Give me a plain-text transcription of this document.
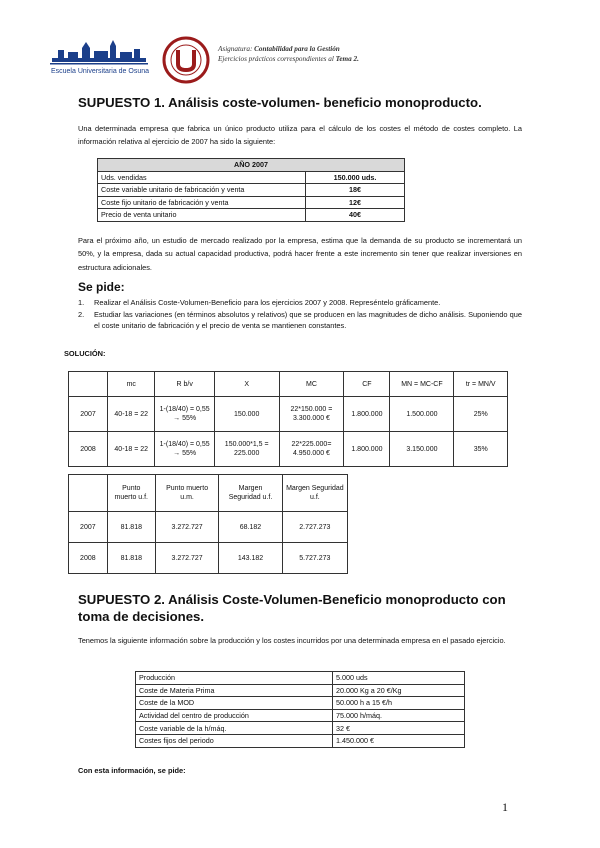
Escuela Universitaria de Osuna
Asignatura: Contabilidad para la Gestión
Ejercicios prácticos correspondientes al Tema 2.
SUPUESTO 1. Análisis coste-volumen- beneficio monoproducto.
Una determinada empresa que fabrica un único producto utiliza para el cálculo de los costes el método de costes completo. La información relativa al ejercicio de 2007 ha sido la siguiente:
AÑO 2007	
Uds. vendidas	150.000 uds.
Coste variable unitario de fabricación y venta	18€
Coste fijo unitario de fabricación y venta	12€
Precio de venta unitario	40€
Para el próximo año, un estudio de mercado realizado por la empresa, estima que la demanda de su producto se incrementará un 50%, y la empresa, dada su actual capacidad productiva, podrá hacer frente a este incremento sin tener que realizar inversiones en estructura adicionales.
Se pide:
1. Realizar el Análisis Coste-Volumen-Beneficio para los ejercicios 2007 y 2008. Represéntelo gráficamente.
2.	Estudiar las variaciones (en términos absolutos y relativos) que se producen en las magnitudes de dicho análisis. Suponiendo que el coste unitario de fabricación y el precio de venta se mantienen constantes.
SOLUCIÓN:
	mc	R b/v	X	MC	CF	MN = MC-CF	tr = MN/V
2007	40-18 = 22	1-(18/40) = 0,55 → 55%	150.000	22*150.000 = 3.300.000 €	1.800.000	1.500.000	25%
2008	40-18 = 22	1-(18/40) = 0,55 → 55%	150.000*1,5 = 225.000	22*225.000= 4.950.000 €	1.800.000	3.150.000	35%
	Punto muerto u.f.	Punto muerto u.m.	Margen Seguridad u.f.	Margen Seguridad u.f.
2007	81.818	3.272.727	68.182	2.727.273
2008	81.818	3.272.727	143.182	5.727.273
SUPUESTO 2. Análisis Coste-Volumen-Beneficio monoproducto con toma de decisiones.
Tenemos la siguiente información sobre la producción y los costes incurridos por una determinada empresa en el pasado ejercicio.
Producción	5.000 uds
Coste de Materia Prima	20.000 Kg a 20 €/Kg
Coste de la MOD	50.000 h a 15 €/h
Actividad del centro de producción	75.000 h/máq.
Coste variable de la h/máq.	32 €
Costes fijos del periodo	1.450.000 €
Con esta información, se pide:
1
